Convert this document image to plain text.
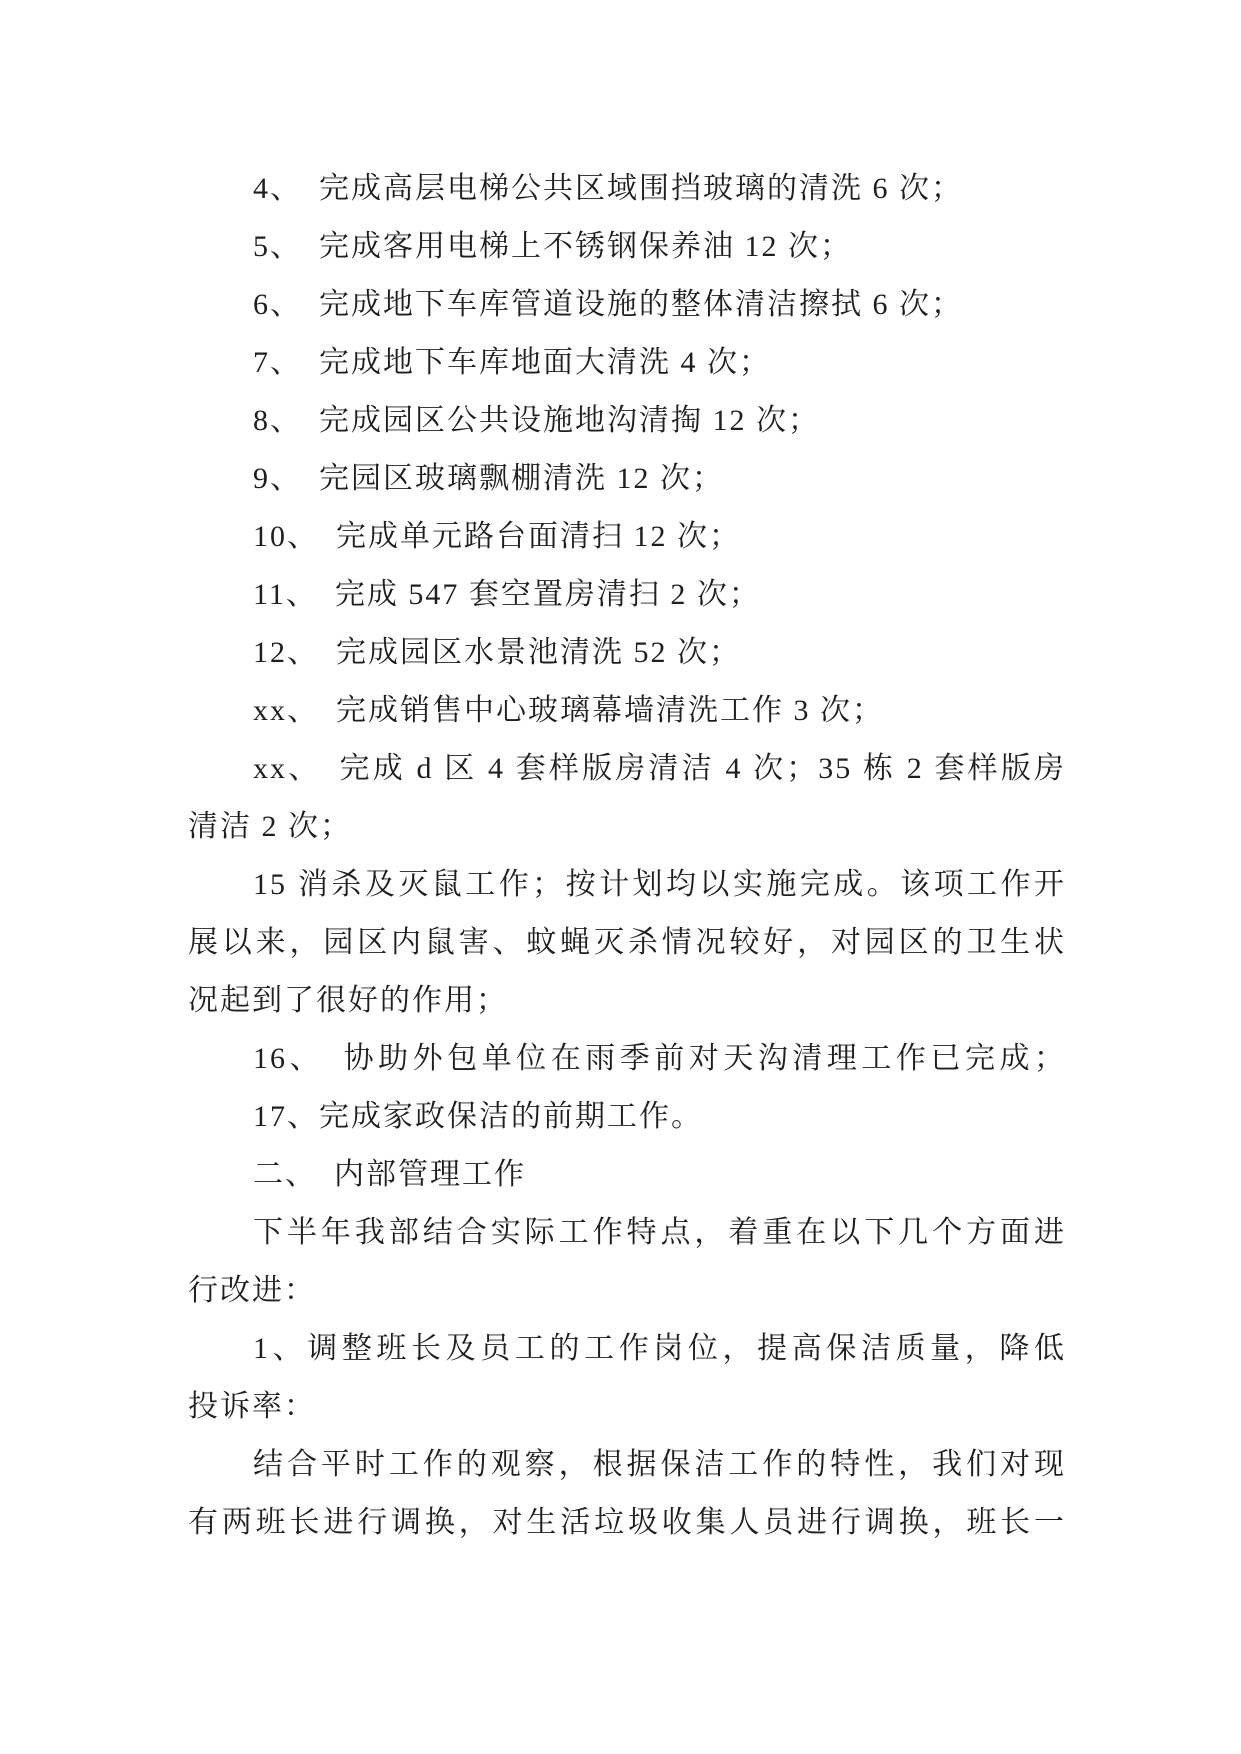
4、　完成高层电梯公共区域围挡玻璃的清洗 6 次；
5、　完成客用电梯上不锈钢保养油 12 次；
6、　完成地下车库管道设施的整体清洁擦拭 6 次；
7、　完成地下车库地面大清洗 4 次；
8、　完成园区公共设施地沟清掏 12 次；
9、　完园区玻璃飘棚清洗 12 次；
10、　完成单元路台面清扫 12 次；
11、　完成 547 套空置房清扫 2 次；
12、　完成园区水景池清洗 52 次；
xx、　完成销售中心玻璃幕墙清洗工作 3 次；
xx、　完成 d 区 4 套样版房清洁 4 次；35 栋 2 套样版房
清洁 2 次；
15 消杀及灭鼠工作；按计划均以实施完成。该项工作开
展以来，园区内鼠害、蚊蝇灭杀情况较好，对园区的卫生状
况起到了很好的作用；
16、　协助外包单位在雨季前对天沟清理工作已完成；
17、完成家政保洁的前期工作。
二、　内部管理工作
下半年我部结合实际工作特点，着重在以下几个方面进
行改进：
1、调整班长及员工的工作岗位，提高保洁质量，降低
投诉率：
结合平时工作的观察，根据保洁工作的特性，我们对现
有两班长进行调换，对生活垃圾收集人员进行调换，班长一
